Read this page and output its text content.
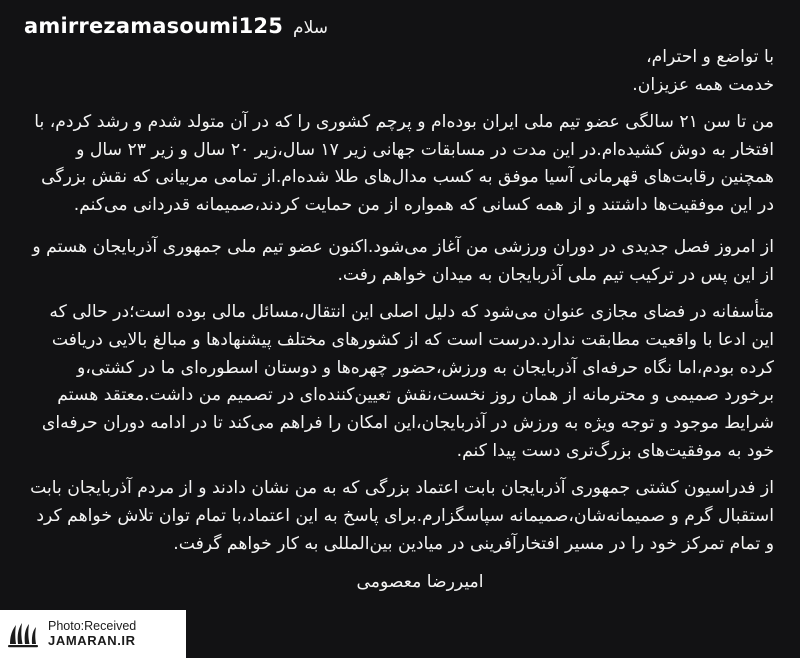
سلام
amirrezamasoumi125

با تواضع و احترام،

خدمت همه عزیزان.

من تا سن ۲۱ سالگی عضو تیم ملی ایران بوده‌ام و پرچم کشوری را که در آن متولد شدم و رشد کردم، با افتخار به دوش کشیده‌ام.در این مدت در مسابقات جهانی زیر ۱۷ سال،زیر ۲۰ سال و زیر ۲۳ سال و همچنین رقابت‌های قهرمانی آسیا موفق به کسب مدال‌های طلا شده‌ام.از تمامی مربیانی که نقش بزرگی در این موفقیت‌ها داشتند و از همه کسانی که همواره از من حمایت کردند،صمیمانه قدردانی می‌کنم.

از امروز فصل جدیدی در دوران ورزشی من آغاز می‌شود.اکنون عضو تیم ملی جمهوری آذربایجان هستم و از این پس در ترکیب تیم ملی آذربایجان به میدان خواهم رفت.

متأسفانه در فضای مجازی عنوان می‌شود که دلیل اصلی این انتقال،مسائل مالی بوده است؛در حالی که این ادعا با واقعیت مطابقت ندارد.درست است که از کشورهای مختلف پیشنهادها و مبالغ بالایی دریافت کرده بودم،اما نگاه حرفه‌ای آذربایجان به ورزش،حضور چهره‌ها و دوستان اسطوره‌ای ما در کشتی،و برخورد صمیمی و محترمانه از همان روز نخست،نقش تعیین‌کننده‌ای در تصمیم من داشت.معتقد هستم شرایط موجود و توجه ویژه به ورزش در آذربایجان،این امکان را فراهم می‌کند تا در ادامه دوران حرفه‌ای خود به موفقیت‌های بزرگ‌تری دست پیدا کنم.

از فدراسیون کشتی جمهوری آذربایجان بابت اعتماد بزرگی که به من نشان دادند و از مردم آذربایجان بابت استقبال گرم و صمیمانه‌شان،صمیمانه سپاسگزارم.برای پاسخ به این اعتماد،با تمام توان تلاش خواهم کرد و تمام تمرکز خود را در مسیر افتخارآفرینی در میادین بین‌المللی به کار خواهم گرفت.

امیررضا معصومی

Photo:Received
JAMARAN.IR
